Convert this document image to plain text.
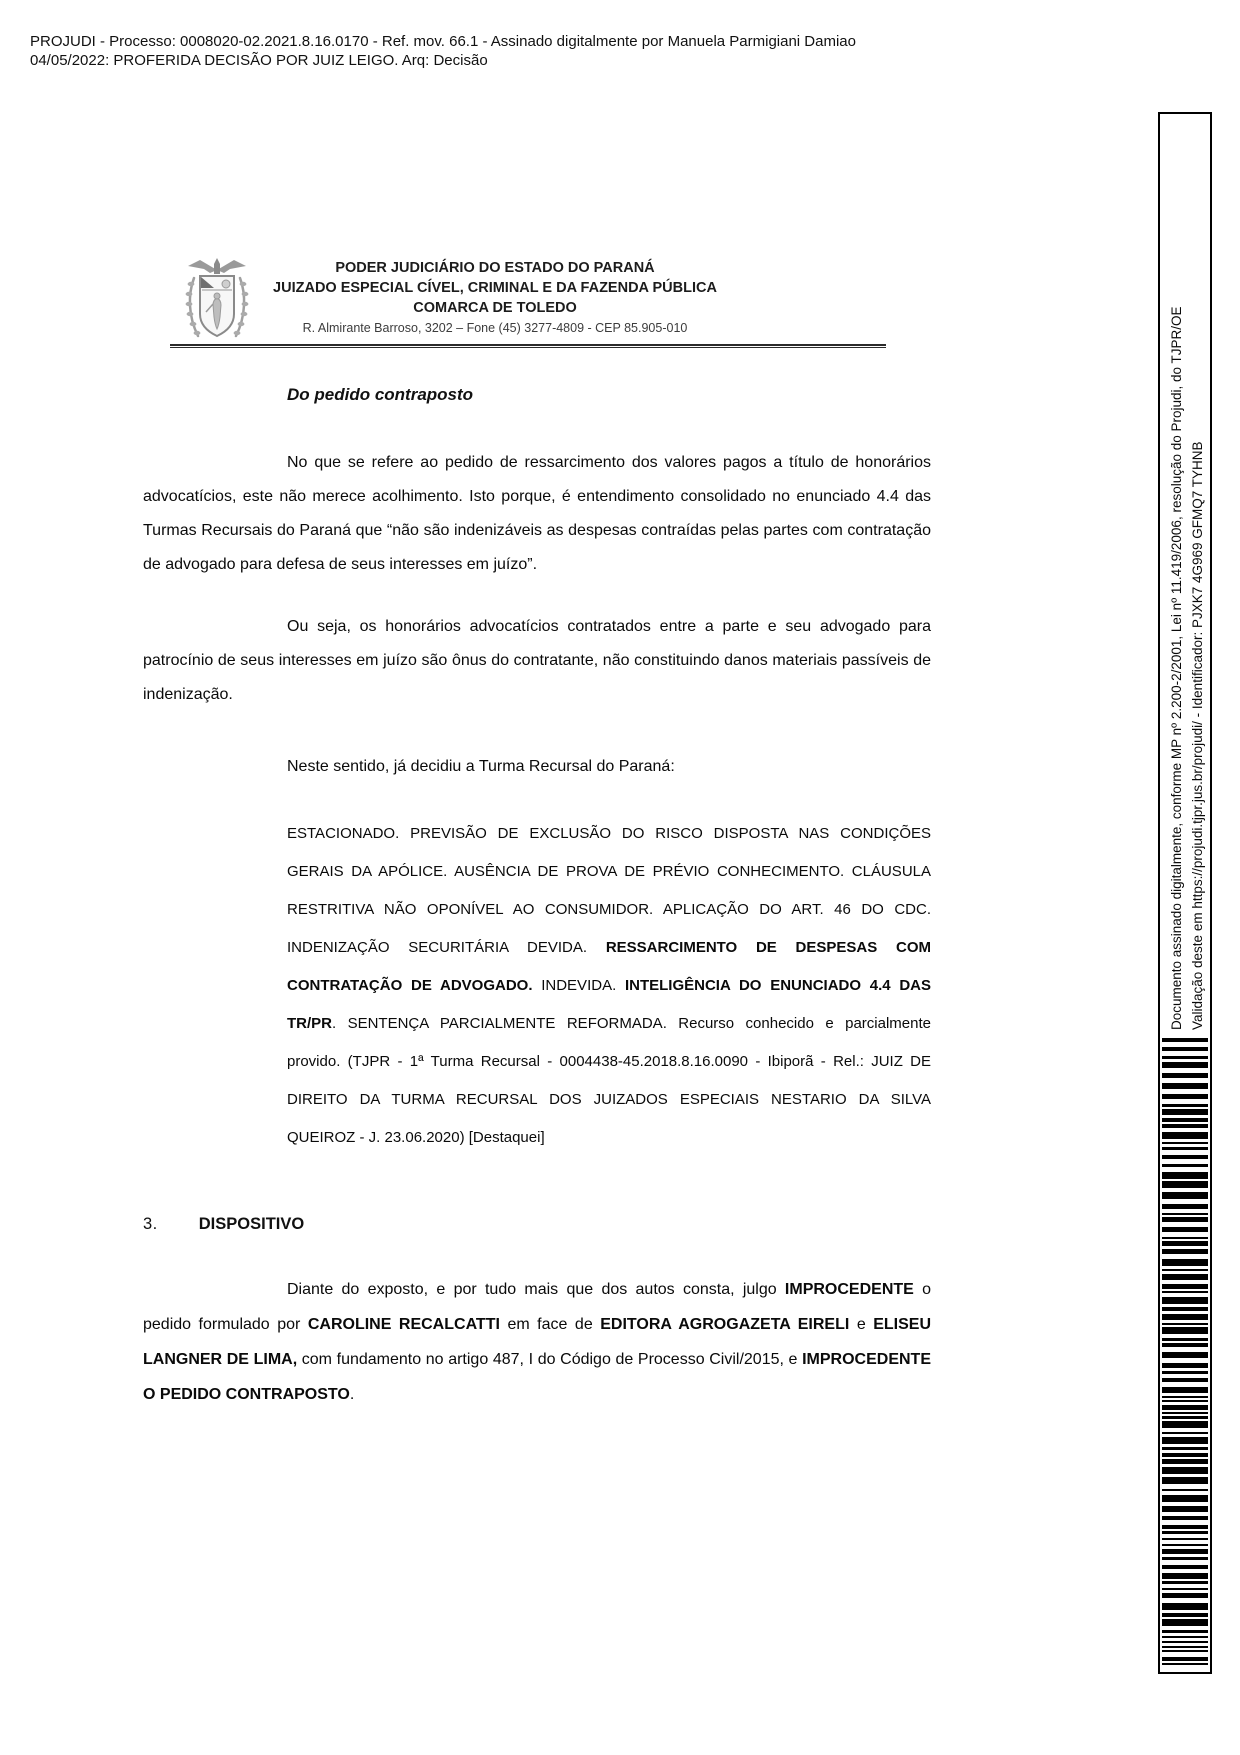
PROJUDI - Processo: 0008020-02.2021.8.16.0170 - Ref. mov. 66.1 - Assinado digitalmente por Manuela Parmigiani Damiao
04/05/2022: PROFERIDA DECISÃO POR JUIZ LEIGO. Arq: Decisão
PODER JUDICIÁRIO DO ESTADO DO PARANÁ
JUIZADO ESPECIAL CÍVEL, CRIMINAL E DA FAZENDA PÚBLICA
COMARCA DE TOLEDO
R. Almirante Barroso, 3202 – Fone (45) 3277-4809 - CEP 85.905-010
Do pedido contraposto
No que se refere ao pedido de ressarcimento dos valores pagos a título de honorários advocatícios, este não merece acolhimento. Isto porque, é entendimento consolidado no enunciado 4.4 das Turmas Recursais do Paraná que “não são indenizáveis as despesas contraídas pelas partes com contratação de advogado para defesa de seus interesses em juízo”.
Ou seja, os honorários advocatícios contratados entre a parte e seu advogado para patrocínio de seus interesses em juízo são ônus do contratante, não constituindo danos materiais passíveis de indenização.
Neste sentido, já decidiu a Turma Recursal do Paraná:
ESTACIONADO. PREVISÃO DE EXCLUSÃO DO RISCO DISPOSTA NAS CONDIÇÕES GERAIS DA APÓLICE. AUSÊNCIA DE PROVA DE PRÉVIO CONHECIMENTO. CLÁUSULA RESTRITIVA NÃO OPONÍVEL AO CONSUMIDOR. APLICAÇÃO DO ART. 46 DO CDC. INDENIZAÇÃO SECURITÁRIA DEVIDA. RESSARCIMENTO DE DESPESAS COM CONTRATAÇÃO DE ADVOGADO. INDEVIDA. INTELIGÊNCIA DO ENUNCIADO 4.4 DAS TR/PR. SENTENÇA PARCIALMENTE REFORMADA. Recurso conhecido e parcialmente provido. (TJPR - 1ª Turma Recursal - 0004438-45.2018.8.16.0090 - Ibiporã - Rel.: JUIZ DE DIREITO DA TURMA RECURSAL DOS JUIZADOS ESPECIAIS NESTARIO DA SILVA QUEIROZ - J. 23.06.2020) [Destaquei]
3. DISPOSITIVO
Diante do exposto, e por tudo mais que dos autos consta, julgo IMPROCEDENTE o pedido formulado por CAROLINE RECALCATTI em face de EDITORA AGROGAZETA EIRELI e ELISEU LANGNER DE LIMA, com fundamento no artigo 487, I do Código de Processo Civil/2015, e IMPROCEDENTE O PEDIDO CONTRAPOSTO.
Documento assinado digitalmente, conforme MP nº 2.200-2/2001, Lei nº 11.419/2006, resolução do Projudi, do TJPR/OE Validação deste em https://projudi.tjpr.jus.br/projudi/ - Identificador: PJXK7 4G969 GFMQ7 TYHNB
